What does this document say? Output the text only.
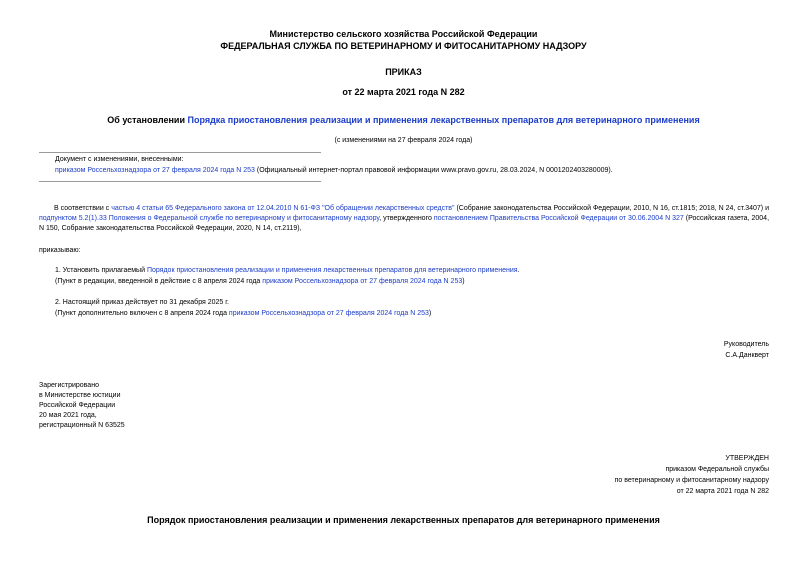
Министерство сельского хозяйства Российской Федерации
ФЕДЕРАЛЬНАЯ СЛУЖБА ПО ВЕТЕРИНАРНОМУ И ФИТОСАНИТАРНОМУ НАДЗОРУ
ПРИКАЗ
от 22 марта 2021 года N 282
Об установлении Порядка приостановления реализации и применения лекарственных препаратов для ветеринарного применения
(с изменениями на 27 февраля 2024 года)
Документ с изменениями, внесенными:
приказом Россельхознадзора от 27 февраля 2024 года N 253 (Официальный интернет-портал правовой информации www.pravo.gov.ru, 28.03.2024, N 0001202403280009).
В соответствии с частью 4 статьи 65 Федерального закона от 12.04.2010 N 61-ФЗ "Об обращении лекарственных средств" (Собрание законодательства Российской Федерации, 2010, N 16, ст.1815; 2018, N 24, ст.3407) и подпунктом 5.2(1).33 Положения о Федеральной службе по ветеринарному и фитосанитарному надзору, утвержденного постановлением Правительства Российской Федерации от 30.06.2004 N 327 (Российская газета, 2004, N 150, Собрание законодательства Российской Федерации, 2020, N 14, ст.2119),
приказываю:
1. Установить прилагаемый Порядок приостановления реализации и применения лекарственных препаратов для ветеринарного применения.
(Пункт в редакции, введенной в действие с 8 апреля 2024 года приказом Россельхознадзора от 27 февраля 2024 года N 253)
2. Настоящий приказ действует по 31 декабря 2025 г.
(Пункт дополнительно включен с 8 апреля 2024 года приказом Россельхознадзора от 27 февраля 2024 года N 253)
Руководитель
С.А.Данкверт
Зарегистрировано
в Министерстве юстиции
Российской Федерации
20 мая 2021 года,
регистрационный N 63525
УТВЕРЖДЕН
приказом Федеральной службы
по ветеринарному и фитосанитарному надзору
от 22 марта 2021 года N 282
Порядок приостановления реализации и применения лекарственных препаратов для ветеринарного применения
